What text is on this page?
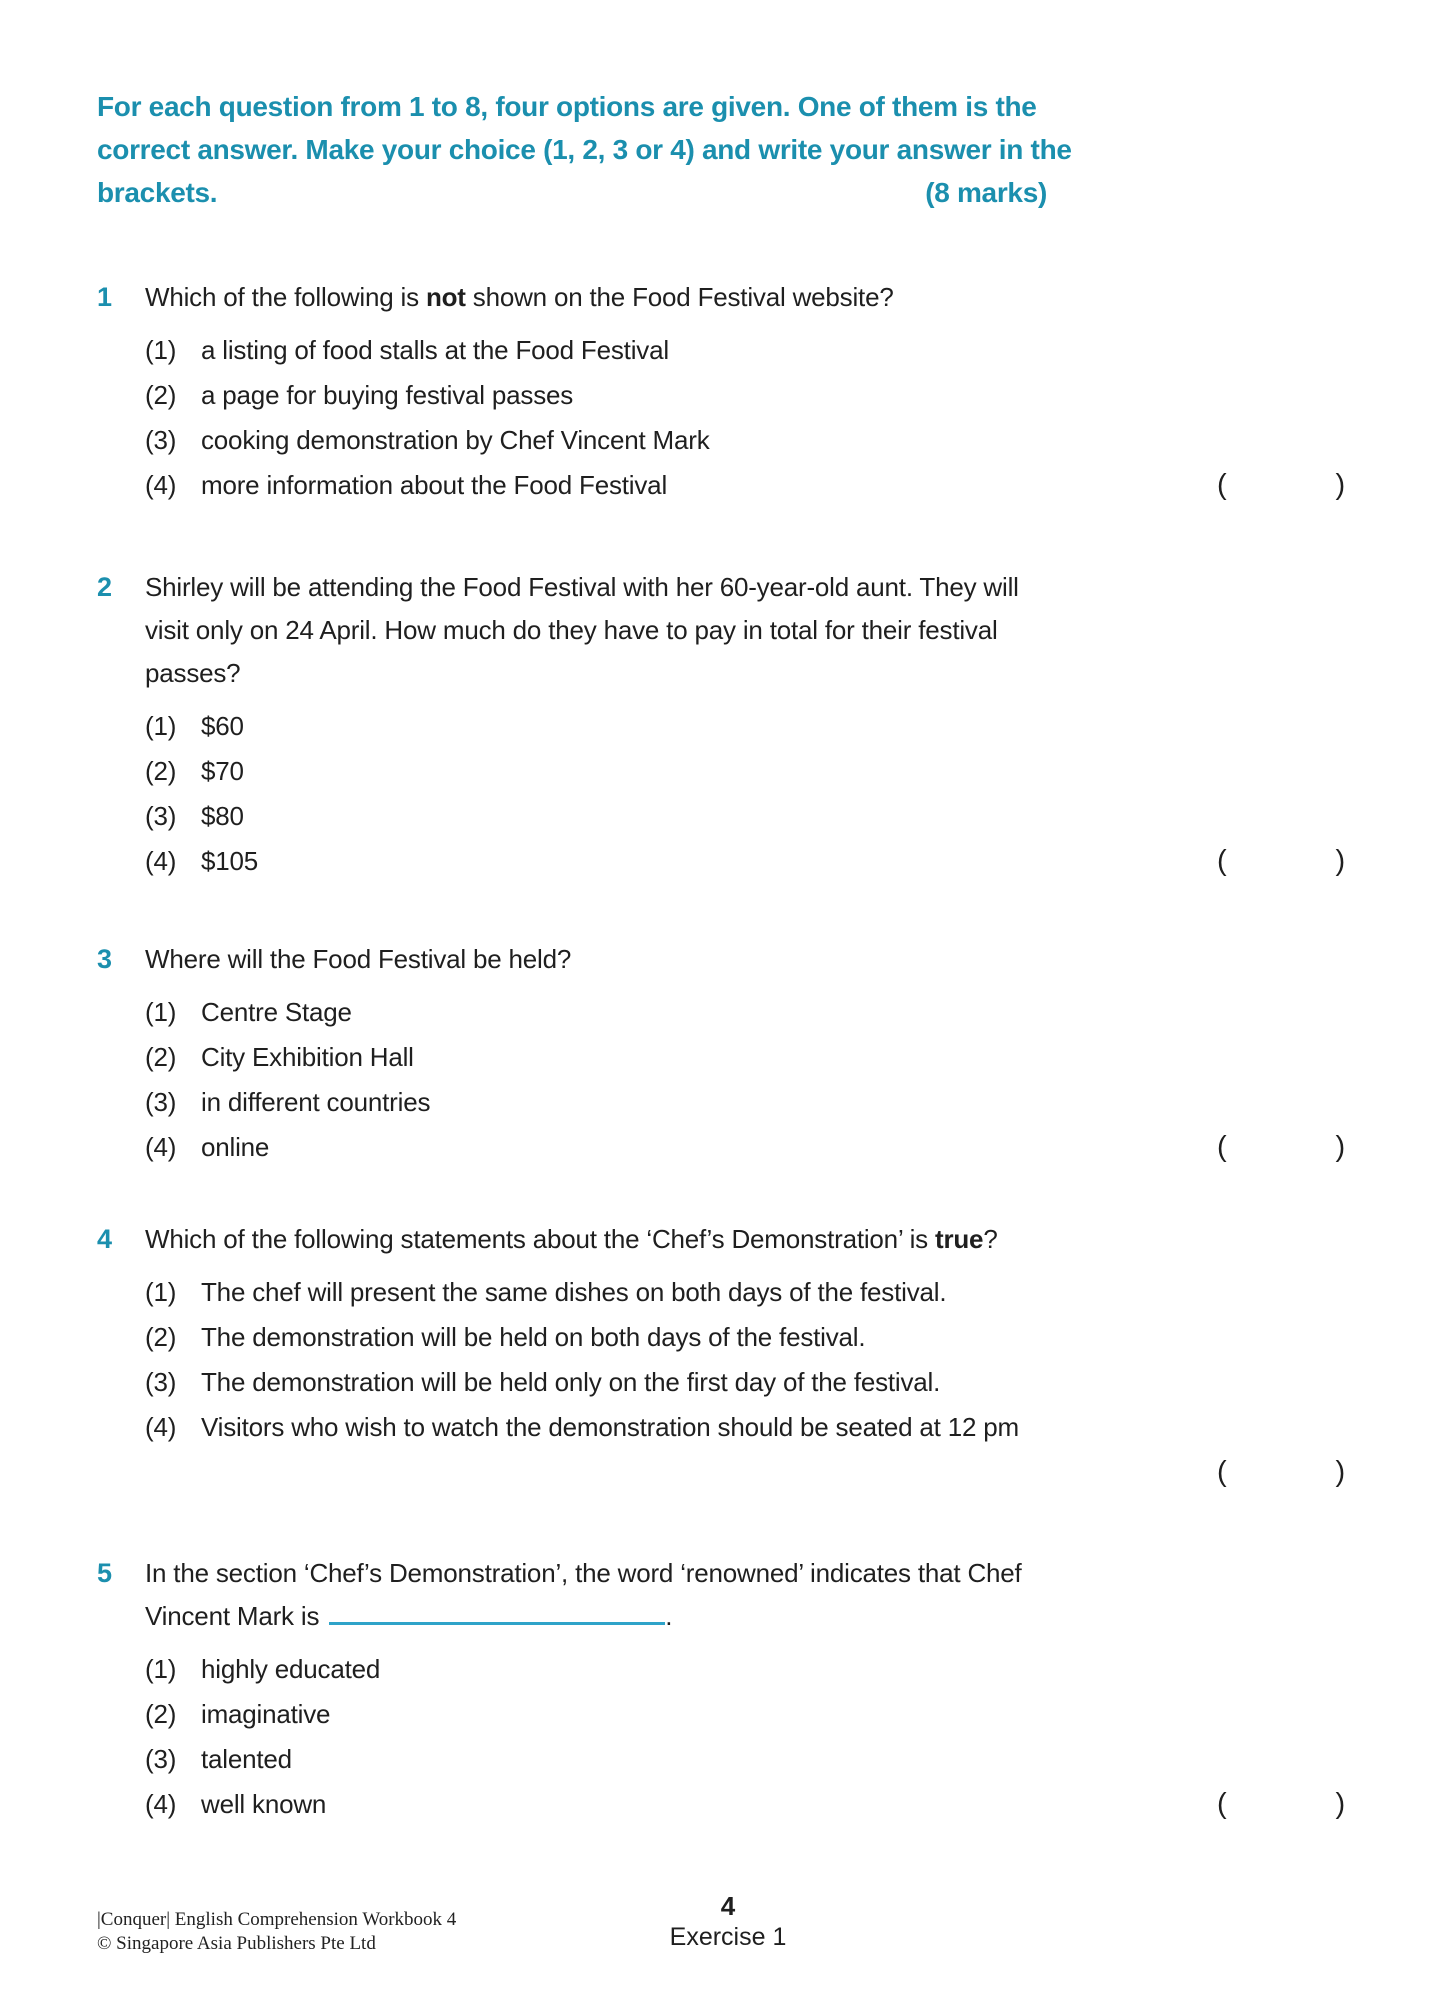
For each question from 1 to 8, four options are given. One of them is the
correct answer. Make your choice (1, 2, 3 or 4) and write your answer in the
brackets.	(8 marks)
1	Which of the following is not shown on the Food Festival website?
(1) a listing of food stalls at the Food Festival
(2) a page for buying festival passes
(3) cooking demonstration by Chef Vincent Mark
(4) more information about the Food Festival	(	)
2	Shirley will be attending the Food Festival with her 60-year-old aunt. They will
visit only on 24 April. How much do they have to pay in total for their festival
passes?
(1) $60
(2) $70
(3) $80
(4) $105	(	)
3	Where will the Food Festival be held?
(1) Centre Stage
(2) City Exhibition Hall
(3) in different countries
(4) online	(	)
4	Which of the following statements about the ‘Chef’s Demonstration’ is true?
(1) The chef will present the same dishes on both days of the festival.
(2) The demonstration will be held on both days of the festival.
(3) The demonstration will be held only on the first day of the festival.
(4) Visitors who wish to watch the demonstration should be seated at 12 pm
(	)
5	In the section ‘Chef’s Demonstration’, the word ‘renowned’ indicates that Chef
Vincent Mark is	.
(1) highly educated
(2) imaginative
(3) talented
(4) well known	(	)
|Conquer| English Comprehension Workbook 4
© Singapore Asia Publishers Pte Ltd
4
Exercise 1
